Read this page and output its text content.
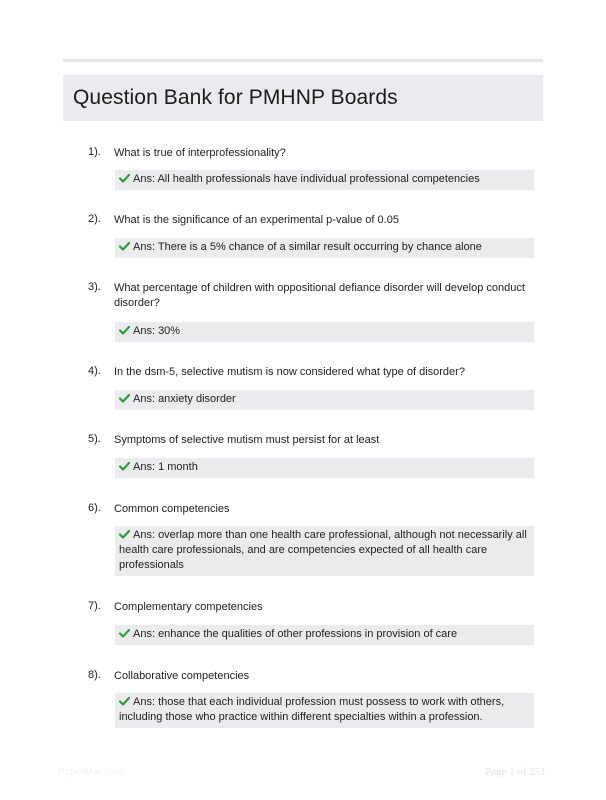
Question Bank for PMHNP Boards
1). What is true of interprofessionality?
Ans: All health professionals have individual professional competencies
2). What is the significance of an experimental p-value of 0.05
Ans: There is a 5% chance of a similar result occurring by chance alone
3). What percentage of children with oppositional defiance disorder will develop conduct disorder?
Ans: 30%
4). In the dsm-5, selective mutism is now considered what type of disorder?
Ans: anxiety disorder
5). Symptoms of selective mutism must persist for at least
Ans: 1 month
6). Common competencies
Ans: overlap more than one health care professional, although not necessarily all health care professionals, and are competencies expected of all health care professionals
7). Complementary competencies
Ans: enhance the qualities of other professions in provision of care
8). Collaborative competencies
Ans: those that each individual profession must possess to work with others, including those who practice within different specialties within a profession.
PaperMac.com	Page 1 of 251
